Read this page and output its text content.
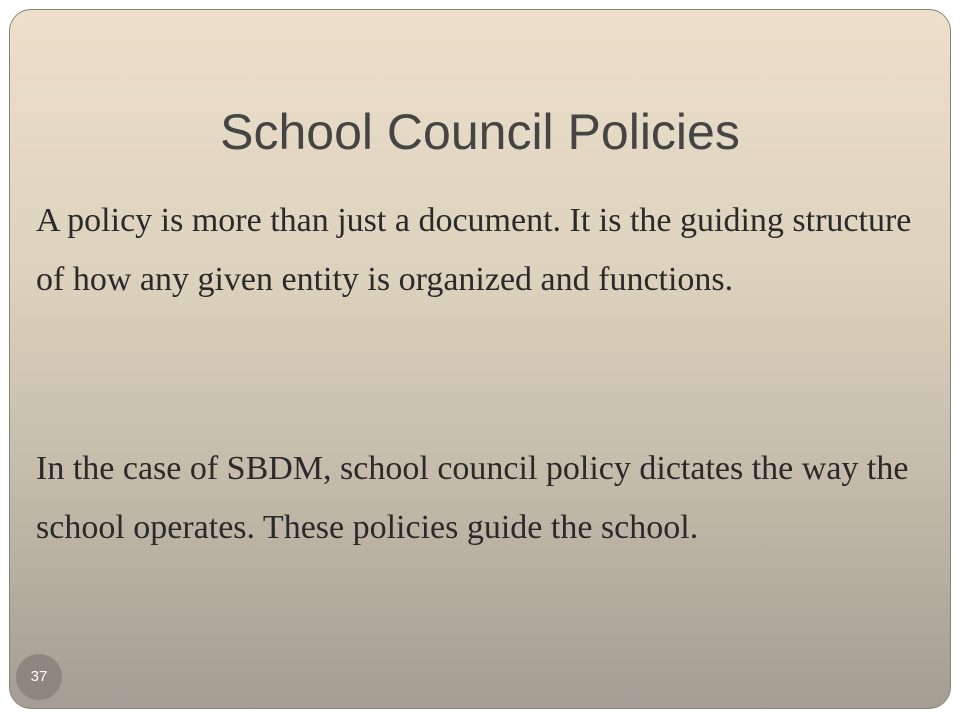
School Council Policies

A policy is more than just a document. It is the guiding structure of how any given entity is organized and functions.

In the case of SBDM, school council policy dictates the way the school operates. These policies guide the school.

37
